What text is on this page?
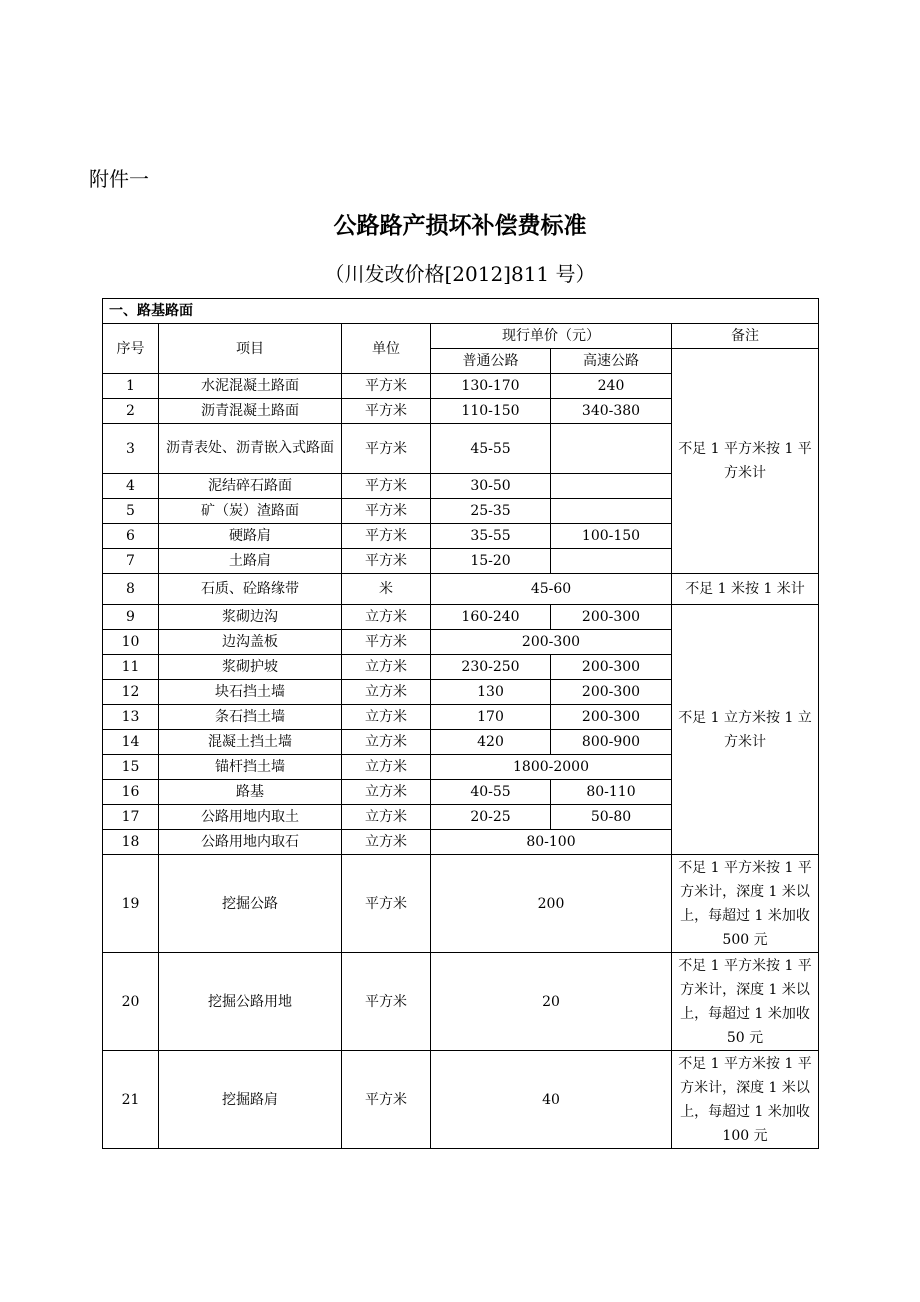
附件一
公路路产损坏补偿费标准
（川发改价格[2012]811 号）
一、路基路面					
序号	项目	单位	现行单价（元）		备注
			普通公路	高速公路	不足 1 平方米按 1 平方米计
1	水泥混凝土路面	平方米	130-170	240	
2	沥青混凝土路面	平方米	110-150	340-380	
3	沥青表处、沥青嵌入式路面	平方米	45-55		
4	泥结碎石路面	平方米	30-50		
5	矿（炭）渣路面	平方米	25-35		
6	硬路肩	平方米	35-55	100-150	
7	土路肩	平方米	15-20		
8	石质、砼路缘带	米	45-60		不足 1 米按 1 米计
9	浆砌边沟	立方米	160-240	200-300	不足 1 立方米按 1 立方米计
10	边沟盖板	平方米	200-300		
11	浆砌护坡	立方米	230-250	200-300	
12	块石挡土墙	立方米	130	200-300	
13	条石挡土墙	立方米	170	200-300	
14	混凝土挡土墙	立方米	420	800-900	
15	锚杆挡土墙	立方米	1800-2000		
16	路基	立方米	40-55	80-110	
17	公路用地内取土	立方米	20-25	50-80	
18	公路用地内取石	立方米	80-100		
19	挖掘公路	平方米	200		不足 1 平方米按 1 平方米计，深度 1 米以上，每超过 1 米加收 500 元
20	挖掘公路用地	平方米	20		不足 1 平方米按 1 平方米计，深度 1 米以上，每超过 1 米加收 50 元
21	挖掘路肩	平方米	40		不足 1 平方米按 1 平方米计，深度 1 米以上，每超过 1 米加收 100 元
